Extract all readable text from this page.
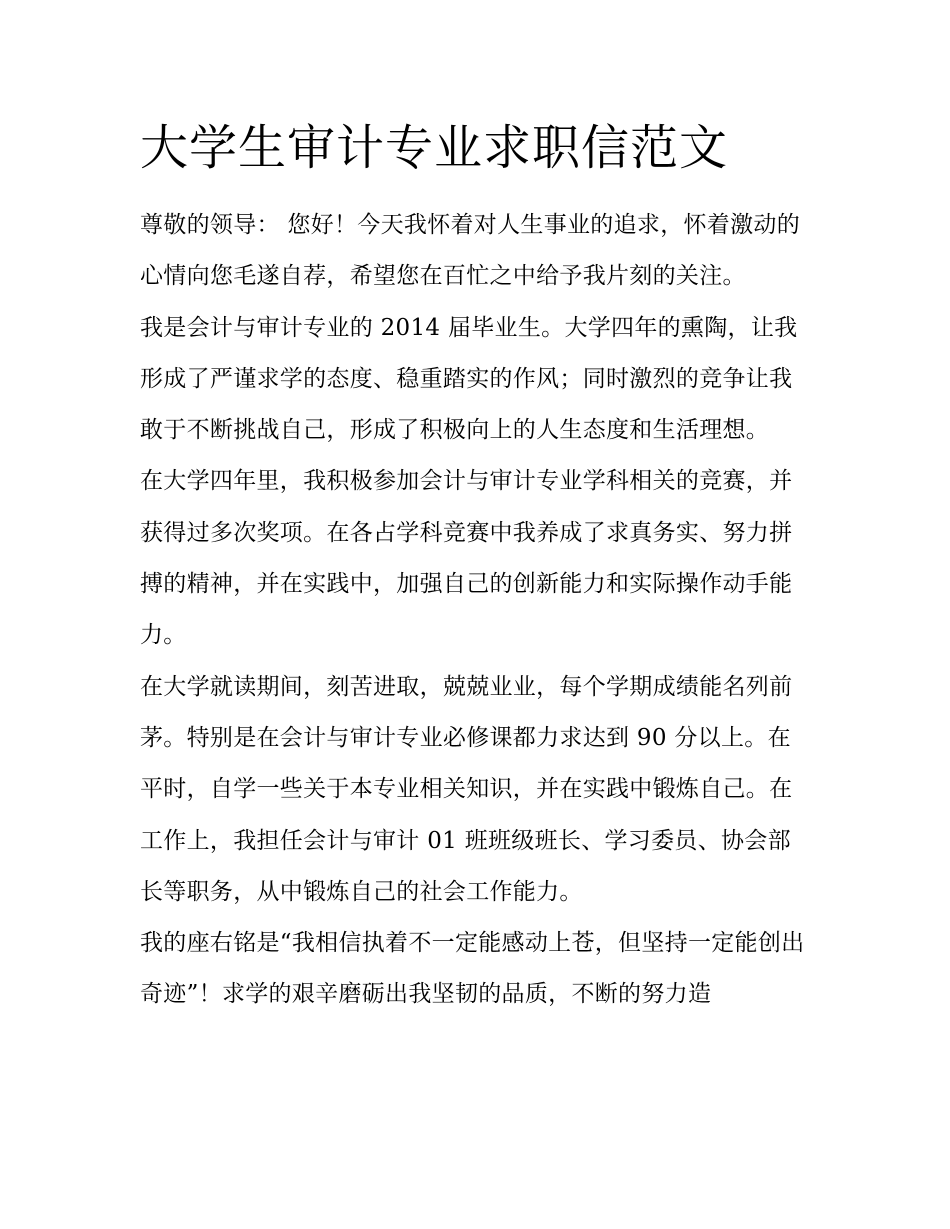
大学生审计专业求职信范文

尊敬的领导： 您好！今天我怀着对人生事业的追求，怀着激动的心情向您毛遂自荐，希望您在百忙之中给予我片刻的关注。

我是会计与审计专业的 2014 届毕业生。大学四年的熏陶，让我形成了严谨求学的态度、稳重踏实的作风；同时激烈的竞争让我敢于不断挑战自己，形成了积极向上的人生态度和生活理想。

在大学四年里，我积极参加会计与审计专业学科相关的竞赛，并获得过多次奖项。在各占学科竞赛中我养成了求真务实、努力拼搏的精神，并在实践中，加强自己的创新能力和实际操作动手能力。

在大学就读期间，刻苦进取，兢兢业业，每个学期成绩能名列前茅。特别是在会计与审计专业必修课都力求达到 90 分以上。在平时，自学一些关于本专业相关知识，并在实践中锻炼自己。在工作上，我担任会计与审计 01 班班级班长、学习委员、协会部长等职务，从中锻炼自己的社会工作能力。

我的座右铭是“我相信执着不一定能感动上苍，但坚持一定能创出奇迹”！求学的艰辛磨砺出我坚韧的品质，不断的努力造
